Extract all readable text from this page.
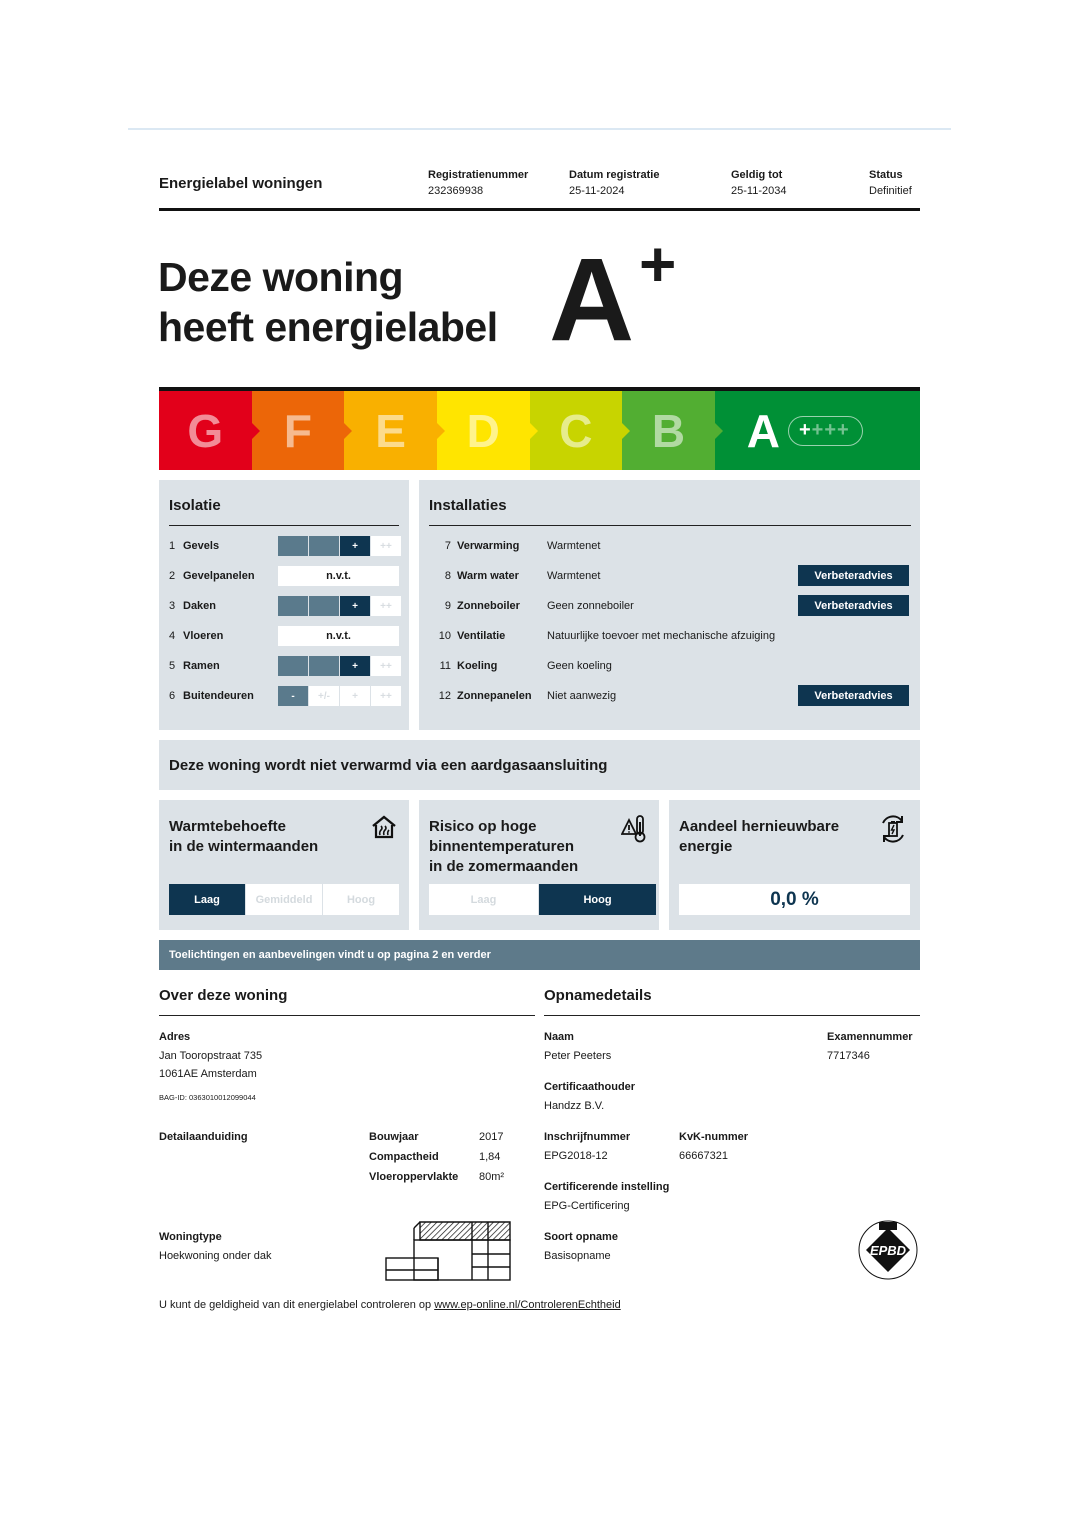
Energielabel woningen	Registratienummer
232369938
Datum registratie
25-11-2024
Geldig tot
25-11-2034
Status
Definitief
Deze woning
heeft energielabel A +
G F E D C B A + +++
Isolatie
1 Gevels	+	++
2 Gevelpanelen	n.v.t.
3 Daken	+	++
4 Vloeren	n.v.t.
5 Ramen	+	++
6 Buitendeuren	-	+/-	+	++
Installaties
7 Verwarming	Warmtenet
8 Warm water	Warmtenet	Verbeteradvies
9 Zonneboiler Geen zonneboiler	Verbeteradvies
10 Ventilatie	Natuurlijke toevoer met mechanische afzuiging
11 Koeling	Geen koeling
12 Zonnepanelen Niet aanwezig	Verbeteradvies
Deze woning wordt niet verwarmd via een aardgasaansluiting
Warmtebehoefte
in de wintermaanden
Laag	Gemiddeld	Hoog
Risico op hoge
binnentemperaturen
in de zomermaanden
Laag	Hoog
Aandeel hernieuwbare
energie
0,0 %
Toelichtingen en aanbevelingen vindt u op pagina 2 en verder
Over deze woning
Adres
Jan Tooropstraat 735
1061AE Amsterdam
BAG-ID: 0363010012099044
Detailaanduiding	Bouwjaar	2017
Compactheid	1,84
Vloeroppervlakte 80m²
Woningtype
Hoekwoning onder dak
Opnamedetails
Naam
Peter Peeters
Examennummer
7717346
Certificaathouder
Handzz B.V.
Inschrijfnummer
EPG2018-12
KvK-nummer
66667321
Certificerende instelling
EPG-Certificering
Soort opname
Basisopname	EPBD
U kunt de geldigheid van dit energielabel controleren op www.ep-online.nl/ControlerenEchtheid
